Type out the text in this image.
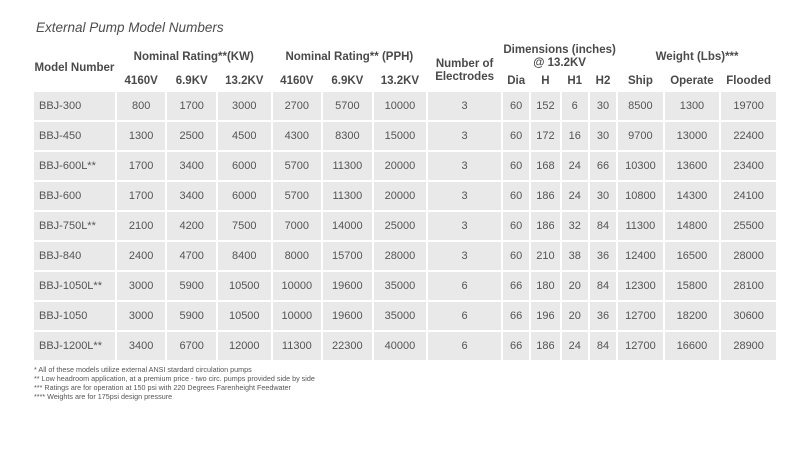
External Pump Model Numbers
Model Number	Nominal Rating**(KW)			Nominal Rating** (PPH)			Number of Electrodes	Dimensions (inches) @ 13.2KV				Weight (Lbs)***		
	4160V	6.9KV	13.2KV	4160V	6.9KV	13.2KV		Dia	H	H1	H2	Ship	Operate	Flooded
BBJ-300	800	1700	3000	2700	5700	10000	3	60	152	6	30	8500	1300	19700
BBJ-450	1300	2500	4500	4300	8300	15000	3	60	172	16	30	9700	13000	22400
BBJ-600L**	1700	3400	6000	5700	11300	20000	3	60	168	24	66	10300	13600	23400
BBJ-600	1700	3400	6000	5700	11300	20000	3	60	186	24	30	10800	14300	24100
BBJ-750L**	2100	4200	7500	7000	14000	25000	3	60	186	32	84	11300	14800	25500
BBJ-840	2400	4700	8400	8000	15700	28000	3	60	210	38	36	12400	16500	28000
BBJ-1050L**	3000	5900	10500	10000	19600	35000	6	66	180	20	84	12300	15800	28100
BBJ-1050	3000	5900	10500	10000	19600	35000	6	66	196	20	36	12700	18200	30600
BBJ-1200L**	3400	6700	12000	11300	22300	40000	6	66	186	24	84	12700	16600	28900
* All of these models utilize external ANSI stardard circulation pumps
** Low headroom application, at a premium price - two circ. pumps provided side by side
*** Ratings are for operation at 150 psi with 220 Degrees Farenheight Feedwater
**** Weights are for 175psi design pressure
